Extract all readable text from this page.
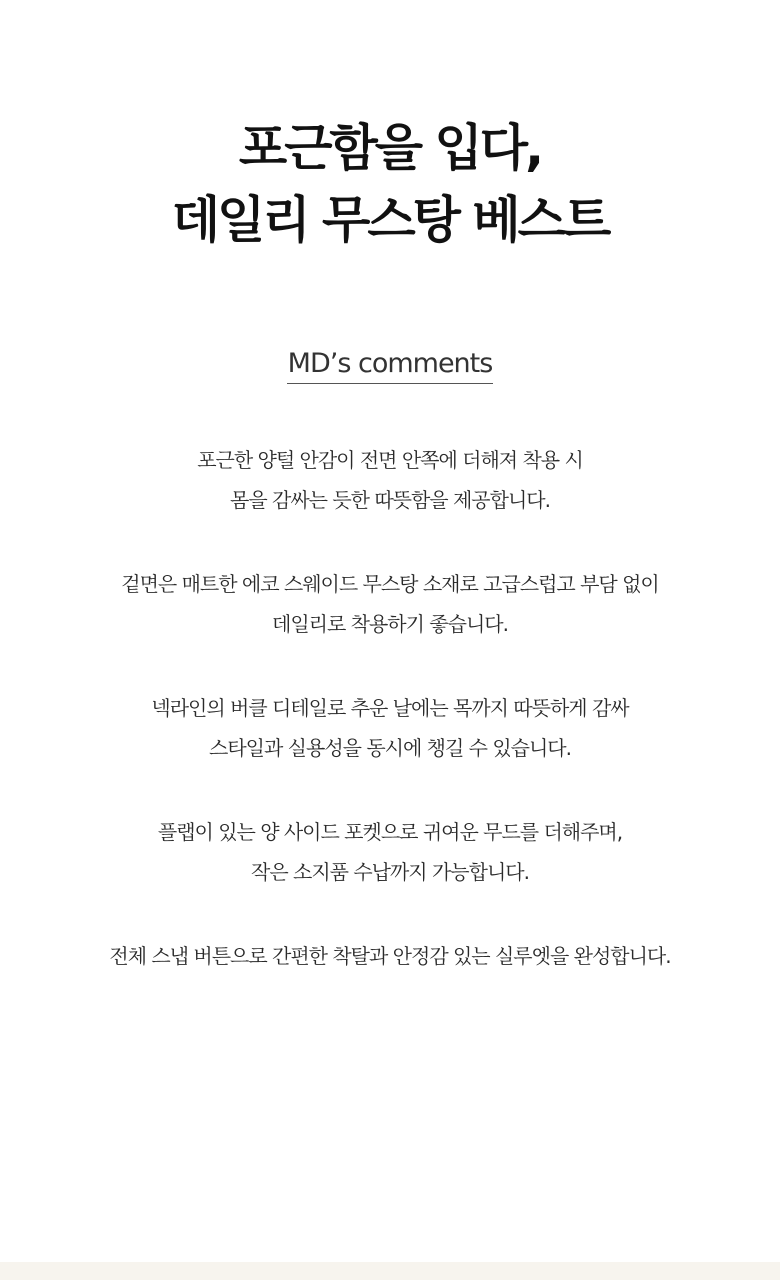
포근함을 입다,
데일리 무스탕 베스트
MD’s comments
포근한 양털 안감이 전면 안쪽에 더해져 착용 시
몸을 감싸는 듯한 따뜻함을 제공합니다.
겉면은 매트한 에코 스웨이드 무스탕 소재로 고급스럽고 부담 없이
데일리로 착용하기 좋습니다.
넥라인의 버클 디테일로 추운 날에는 목까지 따뜻하게 감싸
스타일과 실용성을 동시에 챙길 수 있습니다.
플랩이 있는 양 사이드 포켓으로 귀여운 무드를 더해주며,
작은 소지품 수납까지 가능합니다.
전체 스냅 버튼으로 간편한 착탈과 안정감 있는 실루엣을 완성합니다.
